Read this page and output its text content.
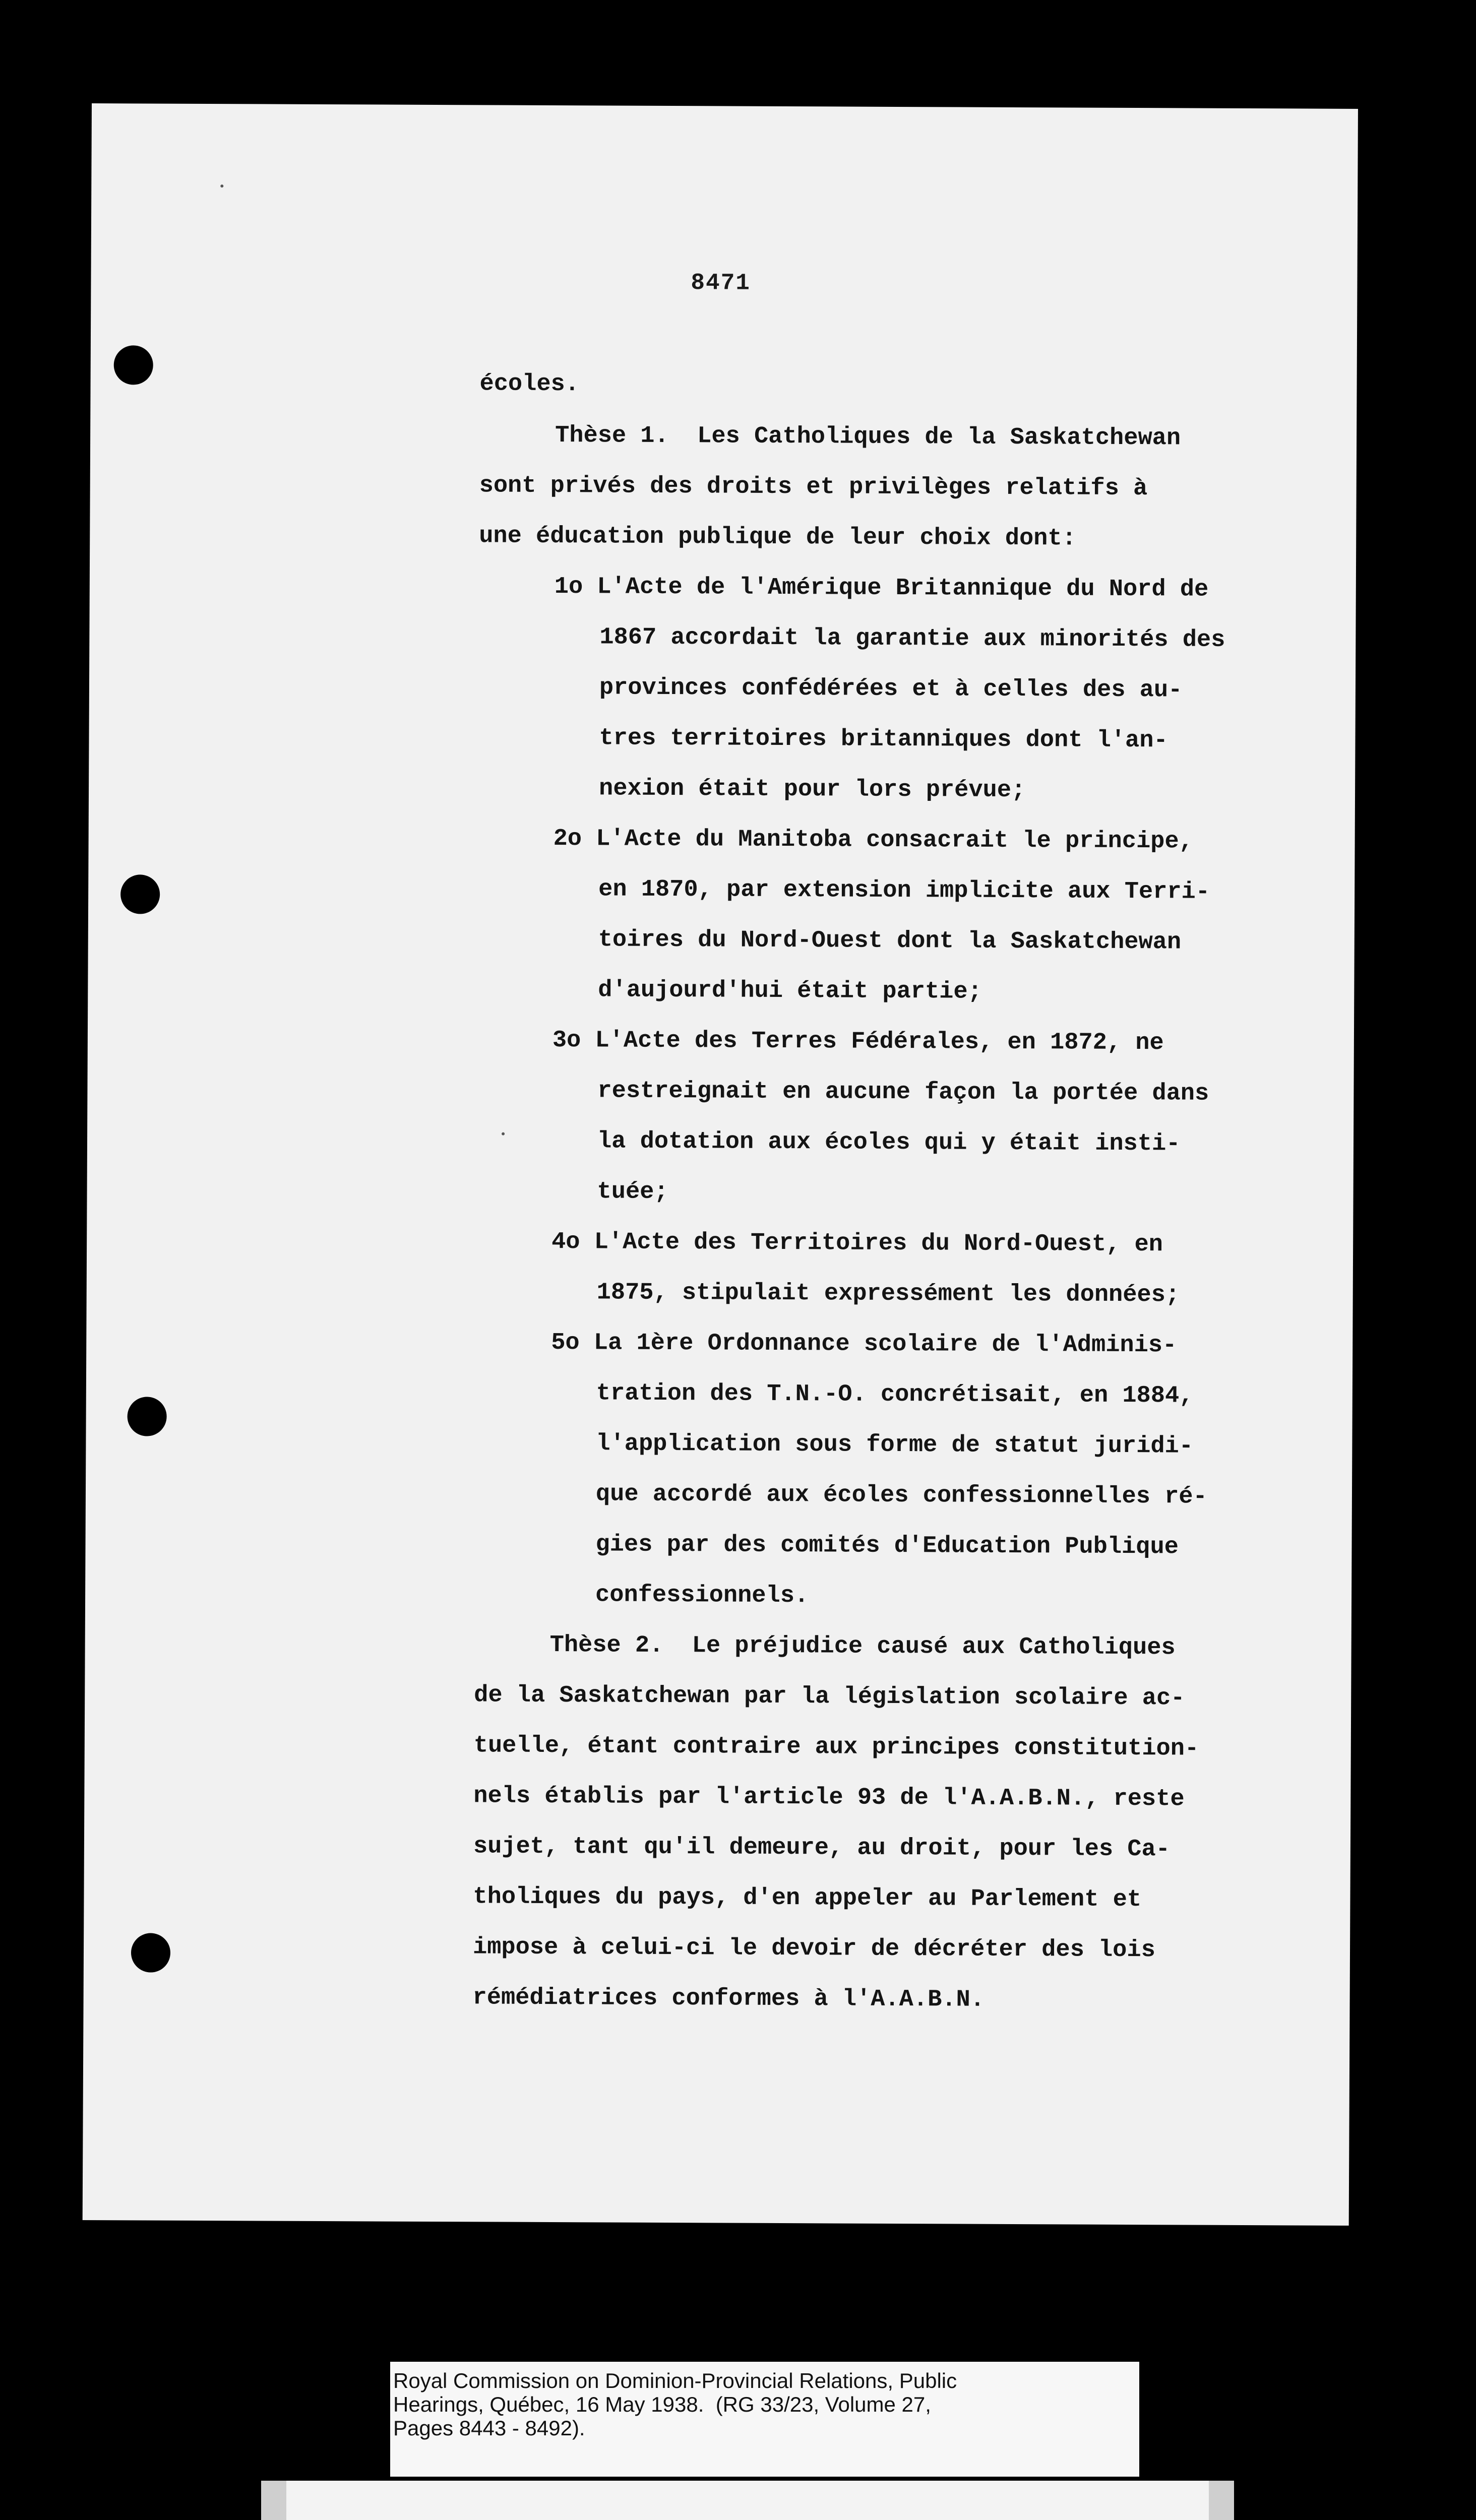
8471
écoles.
Thèse 1.  Les Catholiques de la Saskatchewan
sont privés des droits et privilèges relatifs à
une éducation publique de leur choix dont:
1o L'Acte de l'Amérique Britannique du Nord de
1867 accordait la garantie aux minorités des
provinces confédérées et à celles des au-
tres territoires britanniques dont l'an-
nexion était pour lors prévue;
2o L'Acte du Manitoba consacrait le principe,
en 1870, par extension implicite aux Terri-
toires du Nord-Ouest dont la Saskatchewan
d'aujourd'hui était partie;
3o L'Acte des Terres Fédérales, en 1872, ne
restreignait en aucune façon la portée dans
la dotation aux écoles qui y était insti-
tuée;
4o L'Acte des Territoires du Nord-Ouest, en
1875, stipulait expressément les données;
5o La 1ère Ordonnance scolaire de l'Adminis-
tration des T.N.-O. concrétisait, en 1884,
l'application sous forme de statut juridi-
que accordé aux écoles confessionnelles ré-
gies par des comités d'Education Publique
confessionnels.
Thèse 2.  Le préjudice causé aux Catholiques
de la Saskatchewan par la législation scolaire ac-
tuelle, étant contraire aux principes constitution-
nels établis par l'article 93 de l'A.A.B.N., reste
sujet, tant qu'il demeure, au droit, pour les Ca-
tholiques du pays, d'en appeler au Parlement et
impose à celui-ci le devoir de décréter des lois
rémédiatrices conformes à l'A.A.B.N.
Royal Commission on Dominion-Provincial Relations, Public
Hearings, Québec, 16 May 1938.  (RG 33/23, Volume 27,
Pages 8443 - 8492).
